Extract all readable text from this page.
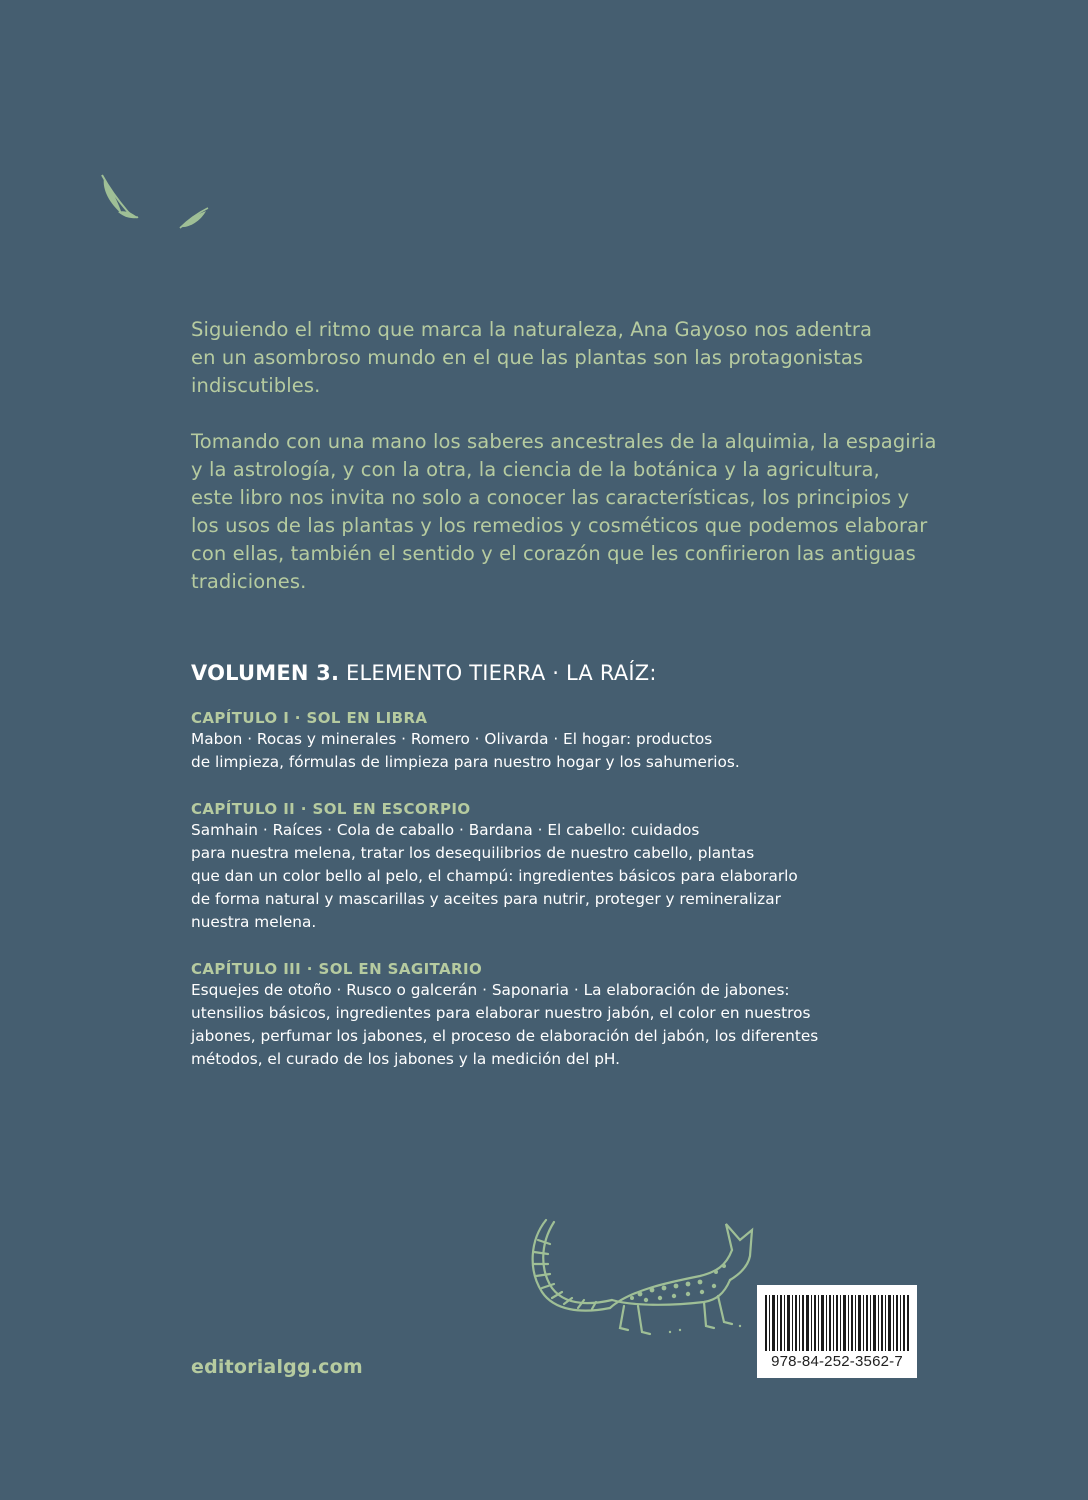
Siguiendo el ritmo que marca la naturaleza, Ana Gayoso nos adentra
en un asombroso mundo en el que las plantas son las protagonistas
indiscutibles.
Tomando con una mano los saberes ancestrales de la alquimia, la espagiria
y la astrología, y con la otra, la ciencia de la botánica y la agricultura,
este libro nos invita no solo a conocer las características, los principios y
los usos de las plantas y los remedios y cosméticos que podemos elaborar
con ellas, también el sentido y el corazón que les confirieron las antiguas
tradiciones.
VOLUMEN 3. ELEMENTO TIERRA · LA RAÍZ:
CAPÍTULO I · SOL EN LIBRA
Mabon · Rocas y minerales · Romero · Olivarda · El hogar: productos
de limpieza, fórmulas de limpieza para nuestro hogar y los sahumerios.
CAPÍTULO II · SOL EN ESCORPIO
Samhain · Raíces · Cola de caballo · Bardana · El cabello: cuidados
para nuestra melena, tratar los desequilibrios de nuestro cabello, plantas
que dan un color bello al pelo, el champú: ingredientes básicos para elaborarlo
de forma natural y mascarillas y aceites para nutrir, proteger y remineralizar
nuestra melena.
CAPÍTULO III · SOL EN SAGITARIO
Esquejes de otoño · Rusco o galcerán · Saponaria · La elaboración de jabones:
utensilios básicos, ingredientes para elaborar nuestro jabón, el color en nuestros
jabones, perfumar los jabones, el proceso de elaboración del jabón, los diferentes
métodos, el curado de los jabones y la medición del pH.
editorialgg.com	978-84-252-3562-7
